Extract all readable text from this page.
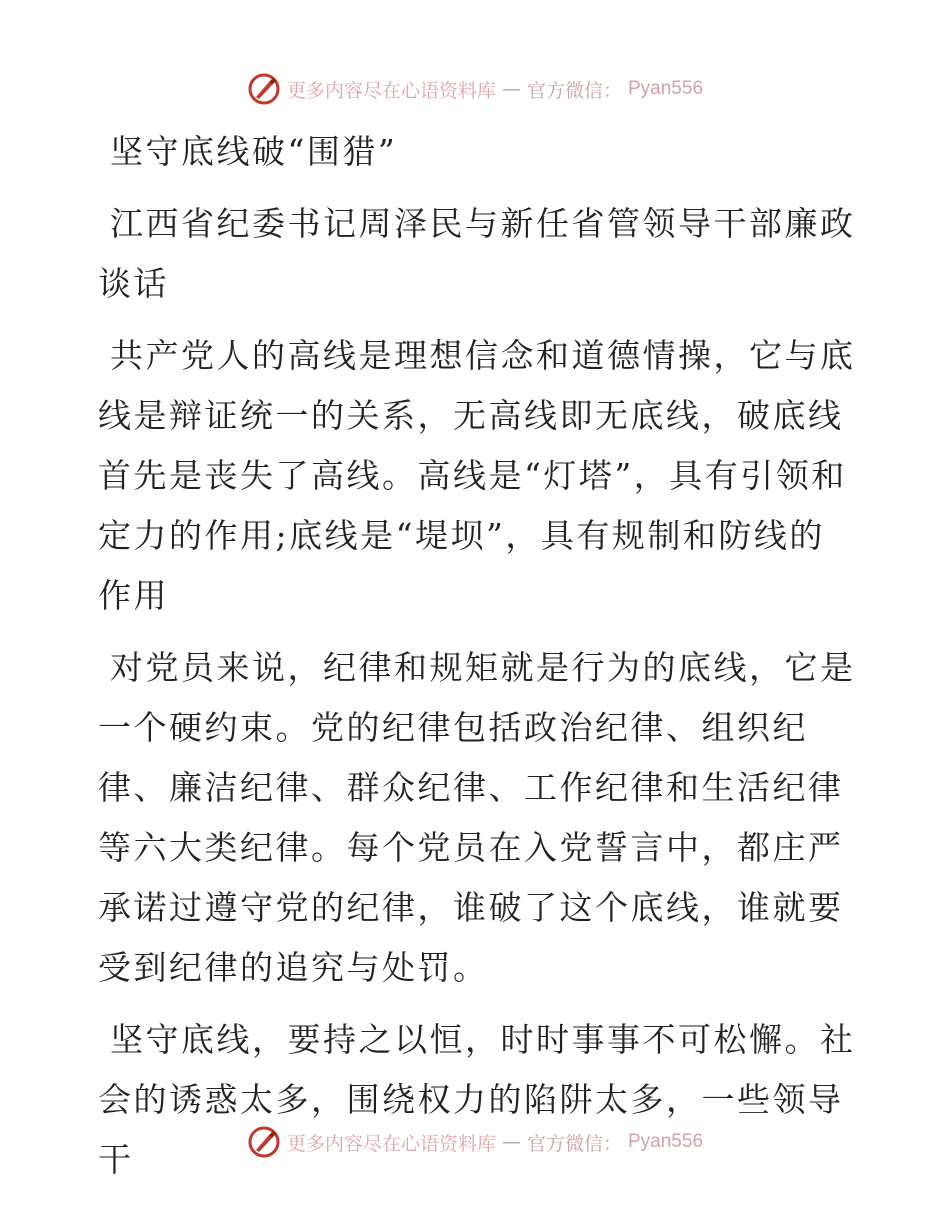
更多内容尽在心语资料库 — 官方微信： Pyan556

坚守底线破“围猎”

江西省纪委书记周泽民与新任省管领导干部廉政谈话

共产党人的高线是理想信念和道德情操，它与底线是辩证统一的关系，无高线即无底线，破底线首先是丧失了高线。高线是“灯塔”，具有引领和定力的作用;底线是“堤坝”，具有规制和防线的作用

对党员来说，纪律和规矩就是行为的底线，它是一个硬约束。党的纪律包括政治纪律、组织纪律、廉洁纪律、群众纪律、工作纪律和生活纪律等六大类纪律。每个党员在入党誓言中，都庄严承诺过遵守党的纪律，谁破了这个底线，谁就要受到纪律的追究与处罚。

坚守底线，要持之以恒，时时事事不可松懈。社会的诱惑太多，围绕权力的陷阱太多，一些领导干	更多内容尽在心语资料库 — 官方微信： Pyan556
